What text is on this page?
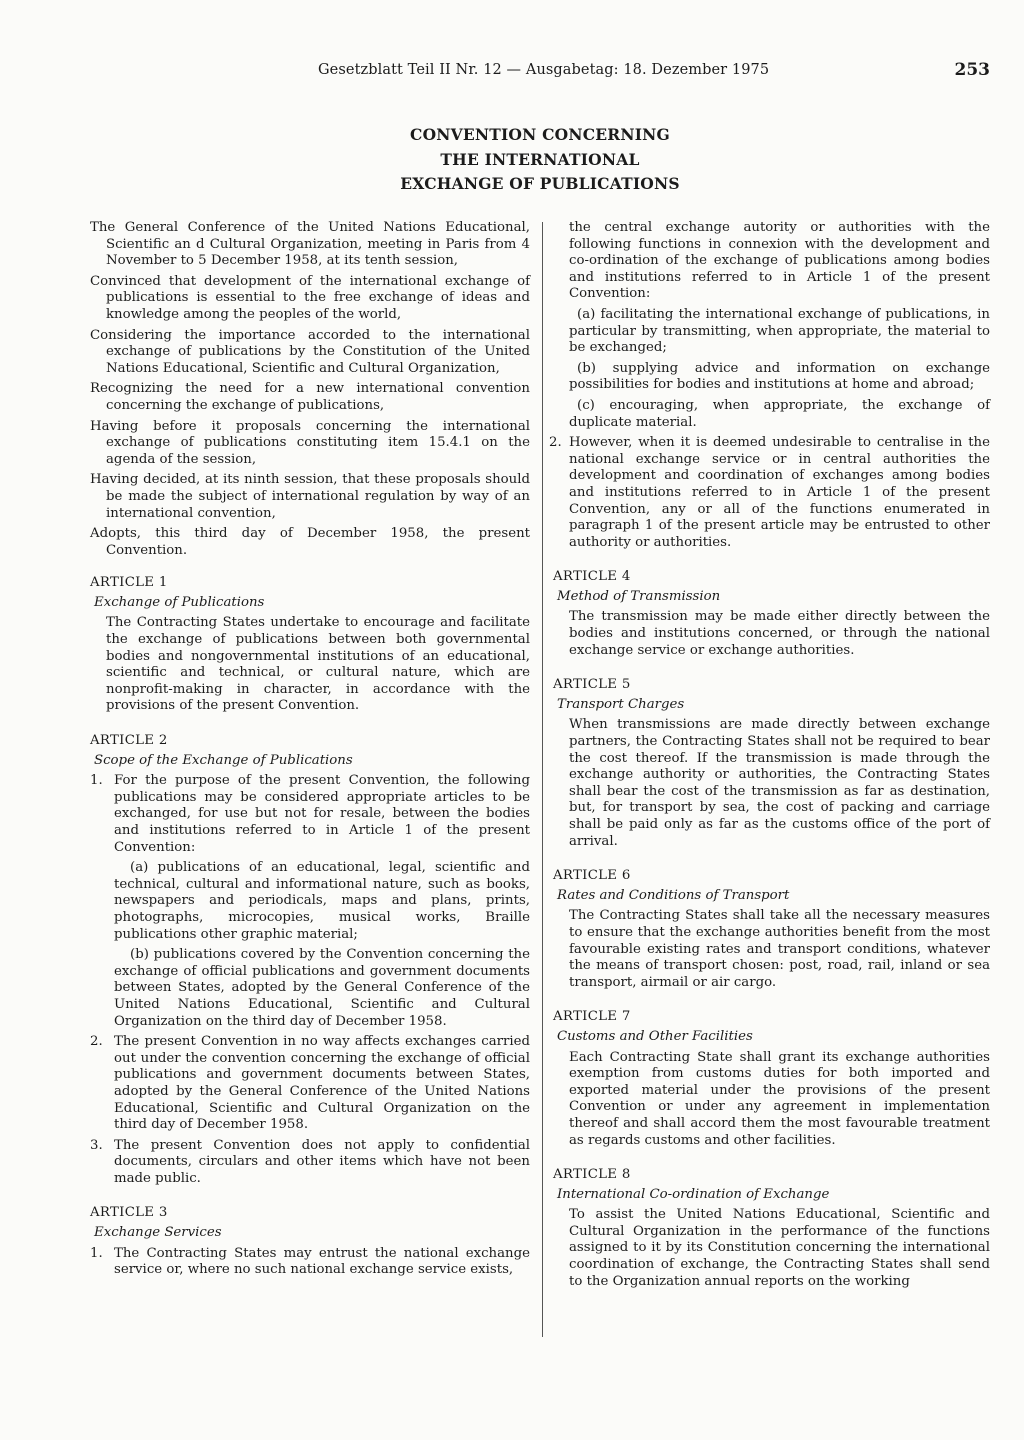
Gesetzblatt Teil II Nr. 12 — Ausgabetag: 18. Dezember 1975	253
CONVENTION CONCERNING
THE INTERNATIONAL
EXCHANGE OF PUBLICATIONS

The General Conference of the United Nations Educational, Scientific an d Cultural Organization, meeting in Paris from 4 November to 5 December 1958, at its tenth session,

Convinced that development of the international exchange of publications is essential to the free exchange of ideas and knowledge among the peoples of the world,

Considering the importance accorded to the international exchange of publications by the Constitution of the United Nations Educational, Scientific and Cultural Organization,

Recognizing the need for a new international convention concerning the exchange of publications,

Having before it proposals concerning the international exchange of publications constituting item 15.4.1 on the agenda of the session,

Having decided, at its ninth session, that these proposals should be made the subject of international regulation by way of an international convention,

Adopts, this third day of December 1958, the present Convention.

ARTICLE 1
Exchange of Publications

The Contracting States undertake to encourage and facilitate the exchange of publications between both governmental bodies and nongovernmental institutions of an educational, scientific and technical, or cultural nature, which are nonprofit-making in character, in accordance with the provisions of the present Convention.

ARTICLE 2
Scope of the Exchange of Publications
1. For the purpose of the present Convention, the following publications may be considered appropriate articles to be exchanged, for use but not for resale, between the bodies and institutions referred to in Article 1 of the present Convention:

(a) publications of an educational, legal, scientific and technical, cultural and informational nature, such as books, newspapers and periodicals, maps and plans, prints, photographs, microcopies, musical works, Braille publications other graphic material;

(b) publications covered by the Convention concerning the exchange of official publications and government documents between States, adopted by the General Conference of the United Nations Educational, Scientific and Cultural Organization on the third day of December 1958.

2. The present Convention in no way affects exchanges carried out under the convention concerning the exchange of official publications and government documents between States, adopted by the General Conference of the United Nations Educational, Scientific and Cultural Organization on the third day of December 1958.

3. The present Convention does not apply to confidential documents, circulars and other items which have not been made public.

ARTICLE 3
Exchange Services
1. The Contracting States may entrust the national exchange service or, where no such national exchange service exists,

the central exchange autority or authorities with the following functions in connexion with the development and co-ordination of the exchange of publications among bodies and institutions referred to in Article 1 of the present Convention:

(a) facilitating the international exchange of publications, in particular by transmitting, when appropriate, the material to be exchanged;

(b) supplying advice and information on exchange possibilities for bodies and institutions at home and abroad;

(c) encouraging, when appropriate, the exchange of duplicate material.

2. However, when it is deemed undesirable to centralise in the national exchange service or in central authorities the development and coordination of exchanges among bodies and institutions referred to in Article 1 of the present Convention, any or all of the functions enumerated in paragraph 1 of the present article may be entrusted to other authority or authorities.

ARTICLE 4
Method of Transmission

The transmission may be made either directly between the bodies and institutions concerned, or through the national exchange service or exchange authorities.

ARTICLE 5
Transport Charges

When transmissions are made directly between exchange partners, the Contracting States shall not be required to bear the cost thereof. If the transmission is made through the exchange authority or authorities, the Contracting States shall bear the cost of the transmission as far as destination, but, for transport by sea, the cost of packing and carriage shall be paid only as far as the customs office of the port of arrival.

ARTICLE 6
Rates and Conditions of Transport

The Contracting States shall take all the necessary measures to ensure that the exchange authorities benefit from the most favourable existing rates and transport conditions, whatever the means of transport chosen: post, road, rail, inland or sea transport, airmail or air cargo.

ARTICLE 7
Customs and Other Facilities

Each Contracting State shall grant its exchange authorities exemption from customs duties for both imported and exported material under the provisions of the present Convention or under any agreement in implementation thereof and shall accord them the most favourable treatment as regards customs and other facilities.

ARTICLE 8
International Co-ordination of Exchange

To assist the United Nations Educational, Scientific and Cultural Organization in the performance of the functions assigned to it by its Constitution concerning the international coordination of exchange, the Contracting States shall send to the Organization annual reports on the working
